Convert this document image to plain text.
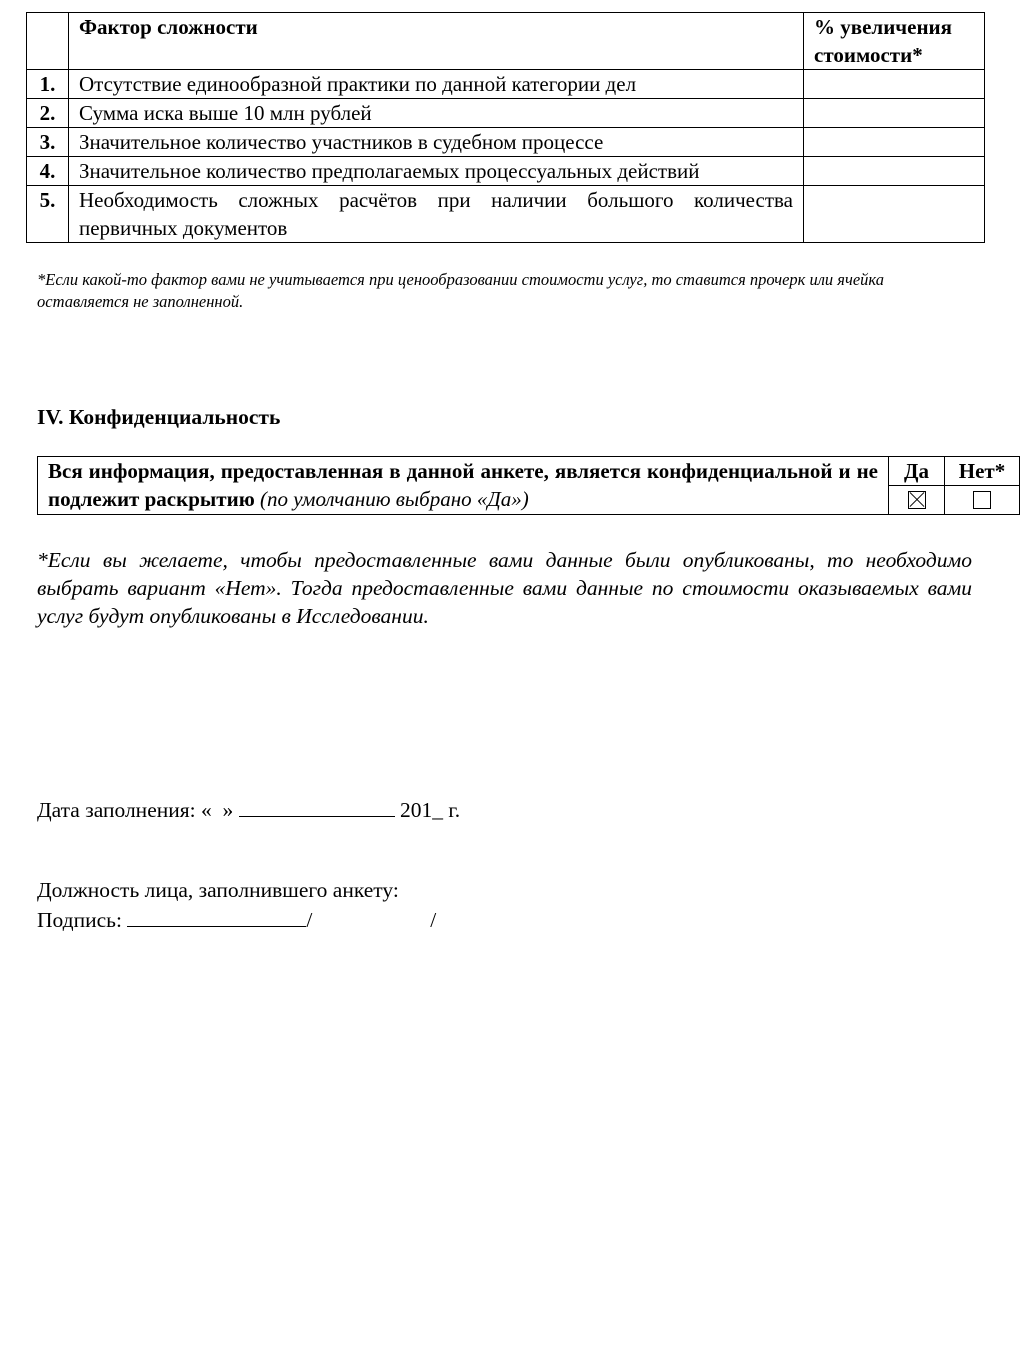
	Фактор сложности	% увеличения
стоимости*

1.	Отсутствие единообразной практики по данной категории дел	
2.	Сумма иска выше 10 млн рублей	
3.	Значительное количество участников в судебном процессе	
4.	Значительное количество предполагаемых процессуальных действий	
5.	Необходимость сложных расчётов при наличии большого количества первичных документов	
*Если какой-то фактор вами не учитывается при ценообразовании стоимости услуг, то ставится прочерк или ячейка оставляется не заполненной.
IV. Конфиденциальность
Вся информация, предоставленная в данной анкете, является конфиденциальной и не подлежит раскрытию (по умолчанию выбрано «Да»)	Да	Нет*

*Если вы желаете, чтобы предоставленные вами данные были опубликованы, то необходимо выбрать вариант «Нет». Тогда предоставленные вами данные по стоимости оказываемых вами услуг будут опубликованы в Исследовании.
Дата заполнения: «  »	201_ г.
Должность лица, заполнившего анкету:
Подпись:	/	/
